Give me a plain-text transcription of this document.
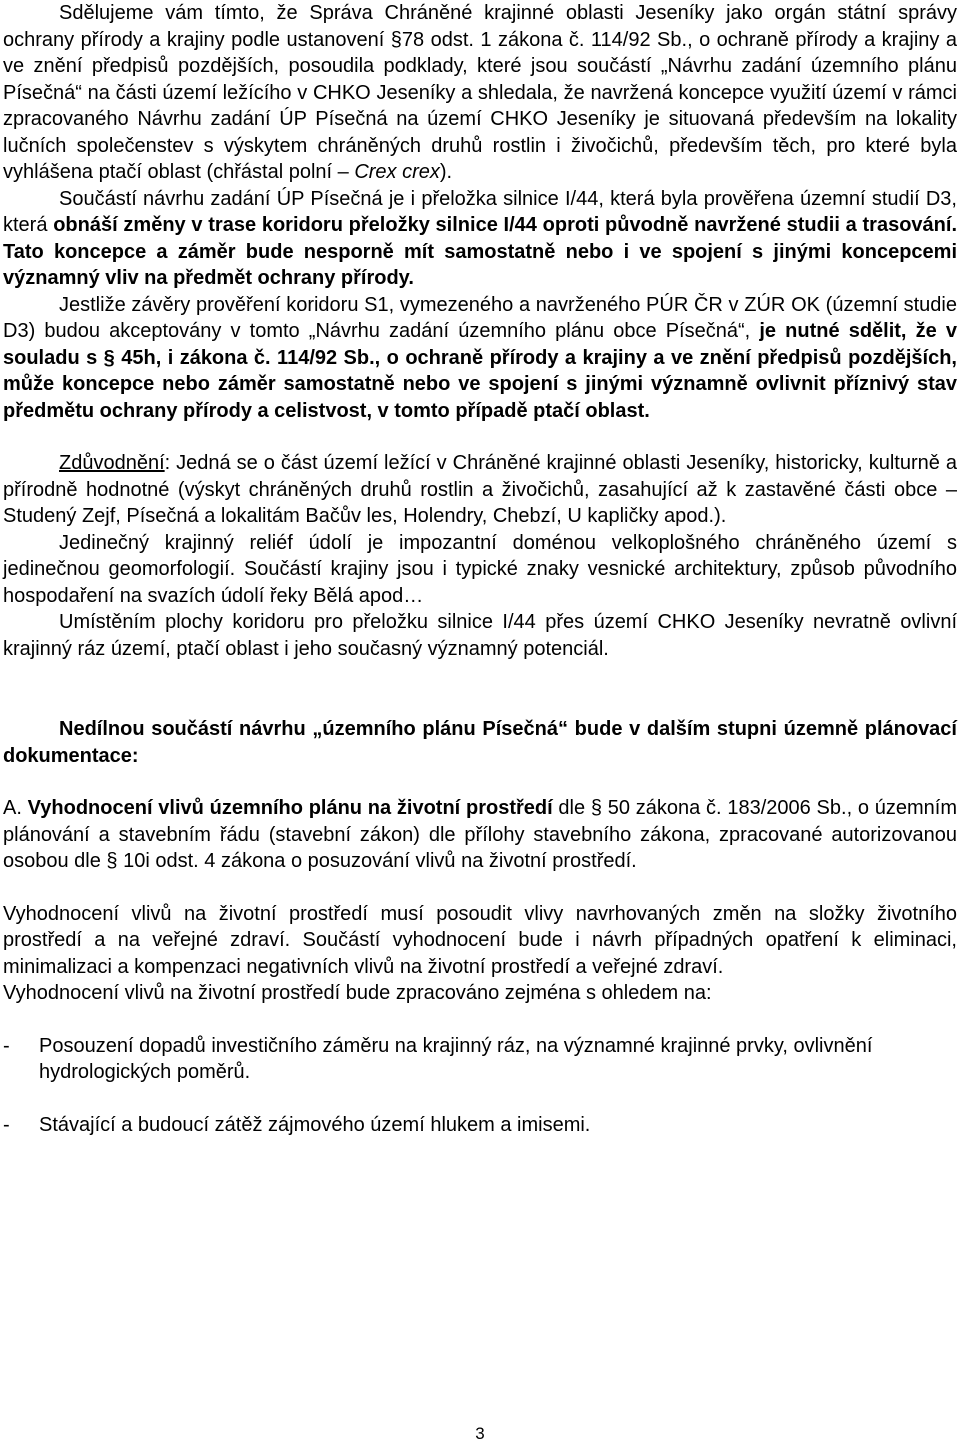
Sdělujeme vám tímto, že Správa Chráněné krajinné oblasti Jeseníky jako orgán státní správy ochrany přírody a krajiny podle ustanovení §78 odst. 1 zákona č. 114/92 Sb., o ochraně přírody a krajiny a ve znění předpisů pozdějších, posoudila podklady, které jsou součástí „Návrhu zadání územního plánu Písečná“ na části území ležícího v CHKO Jeseníky a shledala, že navržená koncepce využití území v rámci zpracovaného Návrhu zadání ÚP Písečná na území CHKO Jeseníky je situovaná především na lokality lučních společenstev s výskytem chráněných druhů rostlin i živočichů, především těch, pro které byla vyhlášena ptačí oblast (chřástal polní – Crex crex).

Součástí návrhu zadání ÚP Písečná je i přeložka silnice I/44, která byla prověřena územní studií D3, která obnáší změny v trase koridoru přeložky silnice I/44 oproti původně navržené studii a trasování. Tato koncepce a záměr bude nesporně mít samostatně nebo i ve spojení s jinými koncepcemi významný vliv na předmět ochrany přírody.

Jestliže závěry prověření koridoru S1, vymezeného a navrženého PÚR ČR v ZÚR OK (územní studie D3) budou akceptovány v tomto „Návrhu zadání územního plánu obce Písečná“, je nutné sdělit, že v souladu s § 45h, i zákona č. 114/92 Sb., o ochraně přírody a krajiny a ve znění předpisů pozdějších, může koncepce nebo záměr samostatně nebo ve spojení s jinými významně ovlivnit příznivý stav předmětu ochrany přírody a celistvost, v tomto případě ptačí oblast.

Zdůvodnění: Jedná se o část území ležící v Chráněné krajinné oblasti Jeseníky, historicky, kulturně a přírodně hodnotné (výskyt chráněných druhů rostlin a živočichů, zasahující až k zastavěné části obce – Studený Zejf, Písečná a lokalitám Bačův les, Holendry, Chebzí, U kapličky apod.).

Jedinečný krajinný reliéf údolí je impozantní doménou velkoplošného chráněného území s jedinečnou geomorfologií. Součástí krajiny jsou i typické znaky vesnické architektury, způsob původního hospodaření na svazích údolí řeky Bělá apod…

Umístěním plochy koridoru pro přeložku silnice I/44 přes území CHKO Jeseníky nevratně ovlivní krajinný ráz území, ptačí oblast i jeho současný významný potenciál.

Nedílnou součástí návrhu „územního plánu Písečná“ bude v dalším stupni územně plánovací dokumentace:

A. Vyhodnocení vlivů územního plánu na životní prostředí dle § 50 zákona č. 183/2006 Sb., o územním plánování a stavebním řádu (stavební zákon) dle přílohy stavebního zákona, zpracované autorizovanou osobou dle § 10i odst. 4 zákona o posuzování vlivů na životní prostředí.

Vyhodnocení vlivů na životní prostředí musí posoudit vlivy navrhovaných změn na složky životního prostředí a na veřejné zdraví. Součástí vyhodnocení bude i návrh případných opatření k eliminaci, minimalizaci a kompenzaci negativních vlivů na životní prostředí a veřejné zdraví.

Vyhodnocení vlivů na životní prostředí bude zpracováno zejména s ohledem na:

-	Posouzení dopadů investičního záměru na krajinný ráz, na významné krajinné prvky, ovlivnění hydrologických poměrů.
-	Stávající a budoucí zátěž zájmového území hlukem a imisemi.
3
